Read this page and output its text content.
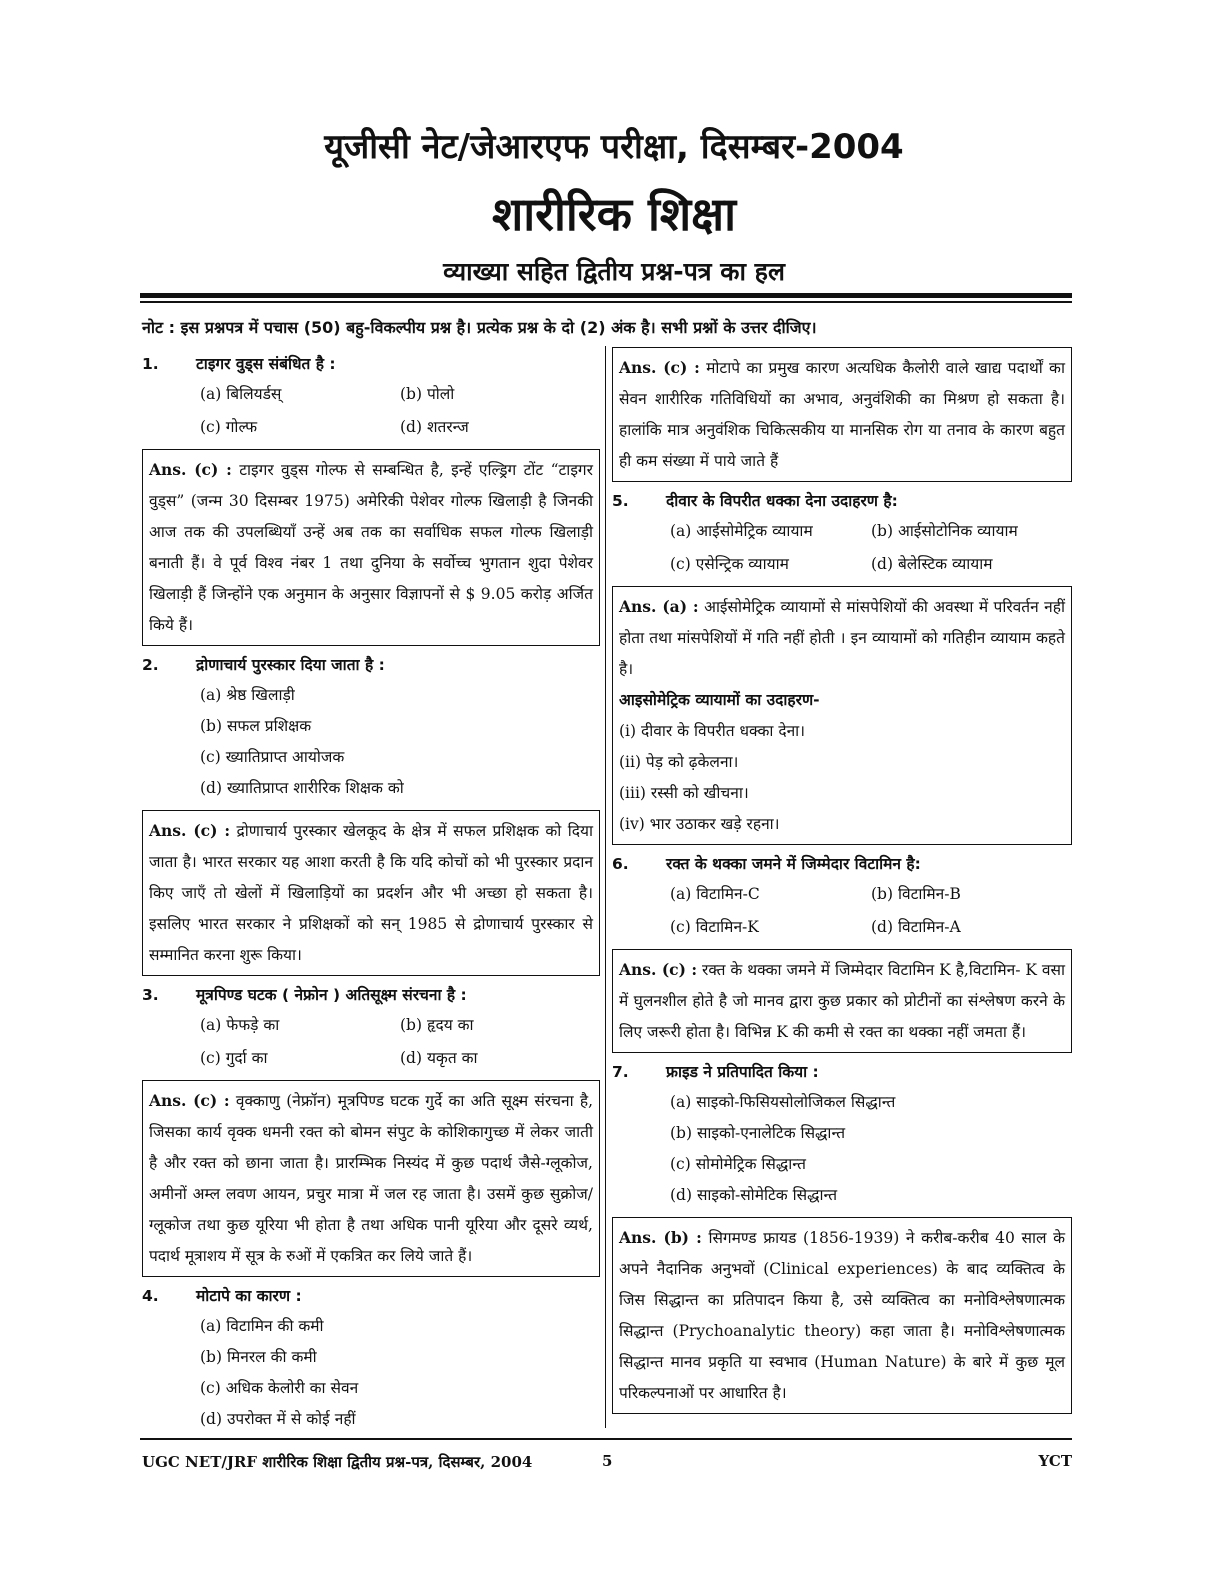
यूजीसी नेट/जेआरएफ परीक्षा, दिसम्बर-2004
शारीरिक शिक्षा
व्याख्या सहित द्वितीय प्रश्न-पत्र का हल
नोट : इस प्रश्नपत्र में पचास (50) बहु-विकल्पीय प्रश्न है। प्रत्येक प्रश्न के दो (2) अंक है। सभी प्रश्नों के उत्तर दीजिए।
1.	टाइगर वुड्स संबंधित है :
(a) बिलियर्डस्	(b) पोलो
(c) गोल्फ	(d) शतरन्ज
Ans. (c) : टाइगर वुड्स गोल्फ से सम्बन्धित है, इन्हें एल्ड्रिग टोंट “टाइगर वुड्स” (जन्म 30 दिसम्बर 1975) अमेरिकी पेशेवर गोल्फ खिलाड़ी है जिनकी आज तक की उपलब्धियाँ उन्हें अब तक का सर्वाधिक सफल गोल्फ खिलाड़ी बनाती हैं। वे पूर्व विश्व नंबर 1 तथा दुनिया के सर्वोच्च भुगतान शुदा पेशेवर खिलाड़ी हैं जिन्होंने एक अनुमान के अनुसार विज्ञापनों से $ 9.05 करोड़ अर्जित किये हैं।
2.	द्रोणाचार्य पुरस्कार दिया जाता है :
(a) श्रेष्ठ खिलाड़ी
(b) सफल प्रशिक्षक
(c) ख्यातिप्राप्त आयोजक
(d) ख्यातिप्राप्त शारीरिक शिक्षक को
Ans. (c) : द्रोणाचार्य पुरस्कार खेलकूद के क्षेत्र में सफल प्रशिक्षक को दिया जाता है। भारत सरकार यह आशा करती है कि यदि कोचों को भी पुरस्कार प्रदान किए जाएँ तो खेलों में खिलाड़ियों का प्रदर्शन और भी अच्छा हो सकता है। इसलिए भारत सरकार ने प्रशिक्षकों को सन् 1985 से द्रोणाचार्य पुरस्कार से सम्मानित करना शुरू किया।
3.	मूत्रपिण्ड घटक ( नेफ्रोन ) अतिसूक्ष्म संरचना है :
(a) फेफड़े का	(b) हृदय का
(c) गुर्दा का	(d) यकृत का
Ans. (c) : वृक्काणु (नेफ्रॉन) मूत्रपिण्ड घटक गुर्दे का अति सूक्ष्म संरचना है, जिसका कार्य वृक्क धमनी रक्त को बोमन संपुट के कोशिकागुच्छ में लेकर जाती है और रक्त को छाना जाता है। प्रारम्भिक निस्यंद में कुछ पदार्थ जैसे-ग्लूकोज, अमीनों अम्ल लवण आयन, प्रचुर मात्रा में जल रह जाता है। उसमें कुछ सुक्रोज/ग्लूकोज तथा कुछ यूरिया भी होता है तथा अधिक पानी यूरिया और दूसरे व्यर्थ, पदार्थ मूत्राशय में सूत्र के रुओं में एकत्रित कर लिये जाते हैं।
4.	मोटापे का कारण :
(a) विटामिन की कमी
(b) मिनरल की कमी
(c) अधिक केलोरी का सेवन
(d) उपरोक्त में से कोई नहीं
Ans. (c) : मोटापे का प्रमुख कारण अत्यधिक कैलोरी वाले खाद्य पदार्थों का सेवन शारीरिक गतिविधियों का अभाव, अनुवंशिकी का मिश्रण हो सकता है। हालांकि मात्र अनुवंशिक चिकित्सकीय या मानसिक रोग या तनाव के कारण बहुत ही कम संख्या में पाये जाते हैं
5.	दीवार के विपरीत धक्का देना उदाहरण है:
(a) आईसोमेट्रिक व्यायाम	(b) आईसोटोनिक व्यायाम
(c) एसेन्ट्रिक व्यायाम	(d) बेलेस्टिक व्यायाम
Ans. (a) : आईसोमेट्रिक व्यायामों से मांसपेशियों की अवस्था में परिवर्तन नहीं होता तथा मांसपेशियों में गति नहीं होती । इन व्यायामों को गतिहीन व्यायाम कहते है।
आइसोमेट्रिक व्यायामों का उदाहरण-
(i) दीवार के विपरीत धक्का देना।
(ii) पेड़ को ढ़केलना।
(iii) रस्सी को खीचना।
(iv) भार उठाकर खड़े रहना।
6.	रक्त के थक्का जमने में जिम्मेदार विटामिन है:
(a) विटामिन-C	(b) विटामिन-B
(c) विटामिन-K	(d) विटामिन-A
Ans. (c) : रक्त के थक्का जमने में जिम्मेदार विटामिन K है,विटामिन- K वसा में घुलनशील होते है जो मानव द्वारा कुछ प्रकार को प्रोटीनों का संश्लेषण करने के लिए जरूरी होता है। विभिन्न K की कमी से रक्त का थक्का नहीं जमता हैं।
7.	फ्राइड ने प्रतिपादित किया :
(a) साइको-फिसियसोलोजिकल सिद्धान्त
(b) साइको-एनालेटिक सिद्धान्त
(c) सोमोमेट्रिक सिद्धान्त
(d) साइको-सोमेटिक सिद्धान्त
Ans. (b) : सिगमण्ड फ्रायड (1856-1939) ने करीब-करीब 40 साल के अपने नैदानिक अनुभवों (Clinical experiences) के बाद व्यक्तित्व के जिस सिद्धान्त का प्रतिपादन किया है, उसे व्यक्तित्व का मनोविश्लेषणात्मक सिद्धान्त (Prychoanalytic theory) कहा जाता है। मनोविश्लेषणात्मक सिद्धान्त मानव प्रकृति या स्वभाव (Human Nature) के बारे में कुछ मूल परिकल्पनाओं पर आधारित है।
UGC NET/JRF शारीरिक शिक्षा द्वितीय प्रश्न-पत्र, दिसम्बर, 2004	5	YCT
